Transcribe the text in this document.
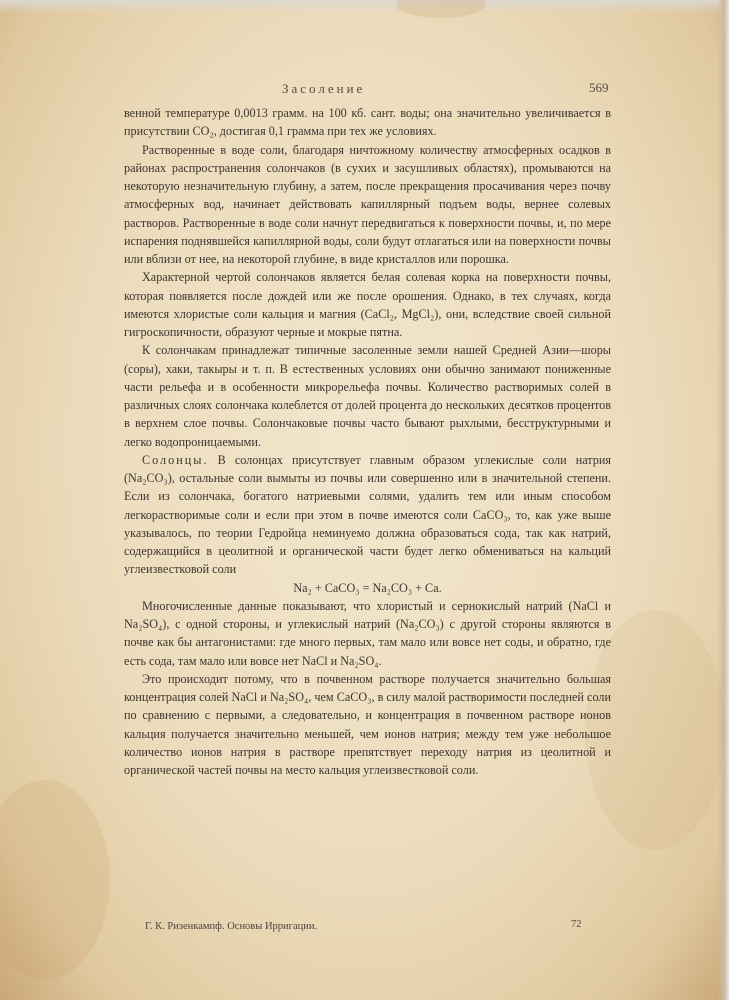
Засоление	569

венной температуре 0,0013 грамм. на 100 кб. сант. воды; она значительно увеличивается в присутствии CO₂, достигая 0,1 грамма при тех же условиях.

Растворенные в воде соли, благодаря ничтожному количеству атмосферных осадков в районах распространения солончаков (в сухих и засушливых областях), промываются на некоторую незначительную глубину, а затем, после прекращения просачивания через почву атмосферных вод, начинает действовать капиллярный подъем воды, вернее солевых растворов. Растворенные в воде соли начнут передвигаться к поверхности почвы, и, по мере испарения поднявшейся капиллярной воды, соли будут отлагаться или на поверхности почвы или вблизи от нее, на некоторой глубине, в виде кристаллов или порошка.

Характерной чертой солончаков является белая солевая корка на поверхности почвы, которая появляется после дождей или же после орошения. Однако, в тех случаях, когда имеются хлористые соли кальция и магния (CaCl₂, MgCl₂), они, вследствие своей сильной гигроскопичности, образуют черные и мокрые пятна.

К солончакам принадлежат типичные засоленные земли нашей Средней Азии—шоры (соры), хаки, такыры и т. п. В естественных условиях они обычно занимают пониженные части рельефа и в особенности микрорельефа почвы. Количество растворимых солей в различных слоях солончака колеблется от долей процента до нескольких десятков процентов в верхнем слое почвы. Солончаковые почвы часто бывают рыхлыми, бесструктурными и легко водопроницаемыми.

Солонцы. В солонцах присутствует главным образом углекислые соли натрия (Na₂CO₃), остальные соли вымыты из почвы или совершенно или в значительной степени. Если из солончака, богатого натриевыми солями, удалить тем или иным способом легкорастворимые соли и если при этом в почве имеются соли CaCO₃, то, как уже выше указывалось, по теории Гедройца неминуемо должна образоваться сода, так как натрий, содержащийся в цеолитной и органической части будет легко обмениваться на кальций углеизвестковой соли

Na₂ + CaCO₃ = Na₂CO₃ + Ca.

Многочисленные данные показывают, что хлористый и сернокислый натрий (NaCl и Na₂SO₄), с одной стороны, и углекислый натрий (Na₂CO₃) с другой стороны являются в почве как бы антагонистами: где много первых, там мало или вовсе нет соды, и обратно, где есть сода, там мало или вовсе нет NaCl и Na₂SO₄.

Это происходит потому, что в почвенном растворе получается значительно большая концентрация солей NaCl и Na₂SO₄, чем CaCO₃, в силу малой растворимости последней соли по сравнению с первыми, а следовательно, и концентрация в почвенном растворе ионов кальция получается значительно меньшей, чем ионов натрия; между тем уже небольшое количество ионов натрия в растворе препятствует переходу натрия из цеолитной и органической частей почвы на место кальция углеизвестковой соли.

Г. К. Ризенкампф. Основы Ирригации.	72
